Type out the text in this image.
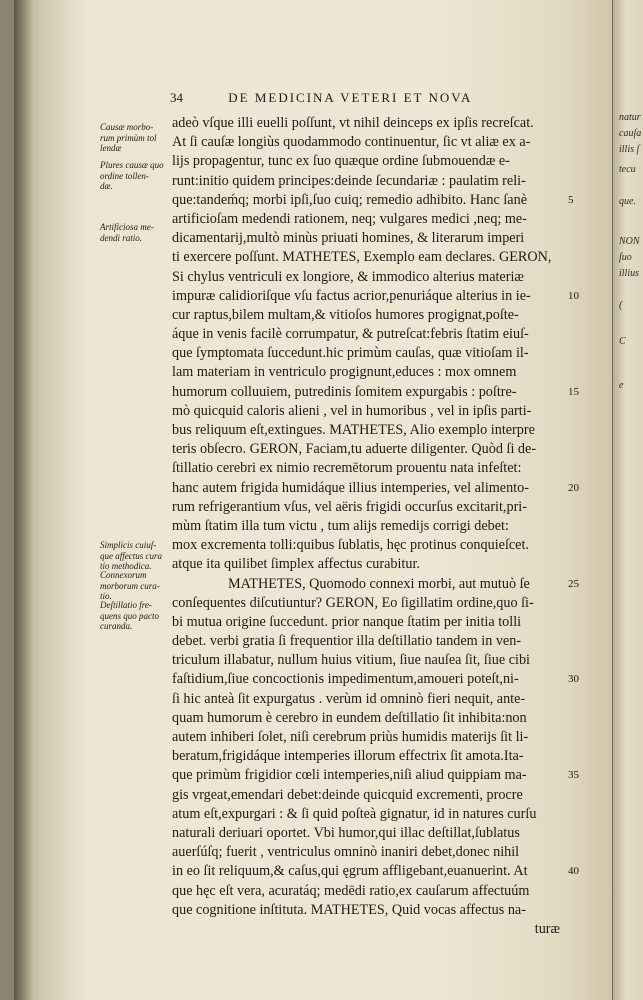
natur
cauſa
illis ſ
tecu
que.
NON
ſuo
illius
(
C
e
34	DE MEDICINA VETERI ET NOVA
Causæ morbo-
rum primùm tol
lendæ
Plures causæ quo
ordine tollen-
dæ.
Artificiosa me-
dendi ratio.
Simplicis cuiuſ-
que affectus cura
tio methodica.
Connexorum
morborum cura-
tio.
Deſtillatio fre-
quens quo pacto
curanda.
adeò vſque illi euelli poſſunt, vt nihil deinceps ex ipſis recreſcat.
At ſi cauſæ longiùs quodammodo continuentur, ſic vt aliæ ex a-
lijs propagentur, tunc ex ſuo quæque ordine ſubmouendæ e-
runt:initio quidem principes:deinde ſecundariæ : paulatim reli-
que:tandeḿq; morbi ipſi,ſuo cuiq; remedio adhibito. Hanc ſanè	5
artificioſam medendi rationem, neq; vulgares medici ,neq; me-
dicamentarij,multò minùs priuati homines, & literarum imperi
ti exercere poſſunt. MATHETES, Exemplo eam declares. GERON,
Si chylus ventriculi ex longiore, & immodico alterius materiæ
impuræ calidioriſque vſu factus acrior,penuriáque alterius in ie-	10
cur raptus,bilem multam,& vitioſos humores progignat,poſte-
áque in venis facilè corrumpatur, & putreſcat:febris ſtatim eiuſ-
que ſymptomata ſuccedunt.hic primùm cauſas, quæ vitioſam il-
lam materiam in ventriculo progignunt,educes : mox omnem
humorum colluuiem, putredinis ſomitem expurgabis : poſtre-	15
mò quicquid caloris alieni , vel in humoribus , vel in ipſis parti-
bus reliquum eſt,extingues. MATHETES, Alio exemplo interpre
teris obſecro. GERON, Faciam,tu aduerte diligenter. Quòd ſi de-
ſtillatio cerebri ex nimio recremētorum prouentu nata infeſtet:
hanc autem frigida humidáque illius intemperies, vel alimento-	20
rum refrigerantium vſus, vel aëris frigidi occurſus excitarit,pri-
mùm ſtatim illa tum victu , tum alijs remedijs corrigi debet:
mox excrementa tolli:quibus ſublatis, hęc protinus conquieſcet.
atque ita quilibet ſimplex affectus curabitur.
MATHETES, Quomodo connexi morbi, aut mutuò ſe	25
conſequentes diſcutiuntur? GERON, Eo ſigillatim ordine,quo ſi-
bi mutua origine ſuccedunt. prior nanque ſtatim per initia tolli
debet. verbi gratia ſi frequentior illa deſtillatio tandem in ven-
triculum illabatur, nullum huius vitium, ſiue nauſea ſit, ſiue cibi
faſtidium,ſiue concoctionis impedimentum,amoueri poteſt,ni-	30
ſi hic anteà ſit expurgatus . verùm id omninò fieri nequit, ante-
quam humorum è cerebro in eundem deſtillatio ſit inhibita:non
autem inhiberi ſolet, niſi cerebrum priùs humidis materijs ſit li-
beratum,frigidáque intemperies illorum effectrix ſit amota.Ita-
que primùm frigidior cœli intemperies,niſi aliud quippiam ma-	35
gis vrgeat,emendari debet:deinde quicquid excrementi, procre
atum eſt,expurgari : & ſi quid poſteà gignatur, id in natures curſu
naturali deriuari oportet. Vbi humor,qui illac deſtillat,ſublatus
auerſúſq; fuerit , ventriculus omninò inaniri debet,donec nihil
in eo ſit reliquum,& caſus,qui ęgrum affligebant,euanuerint. At	40
que hęc eſt vera, acuratáq; medēdi ratio,ex cauſarum affectuúm
que cognitione inſtituta. MATHETES, Quid vocas affectus na-
turæ
